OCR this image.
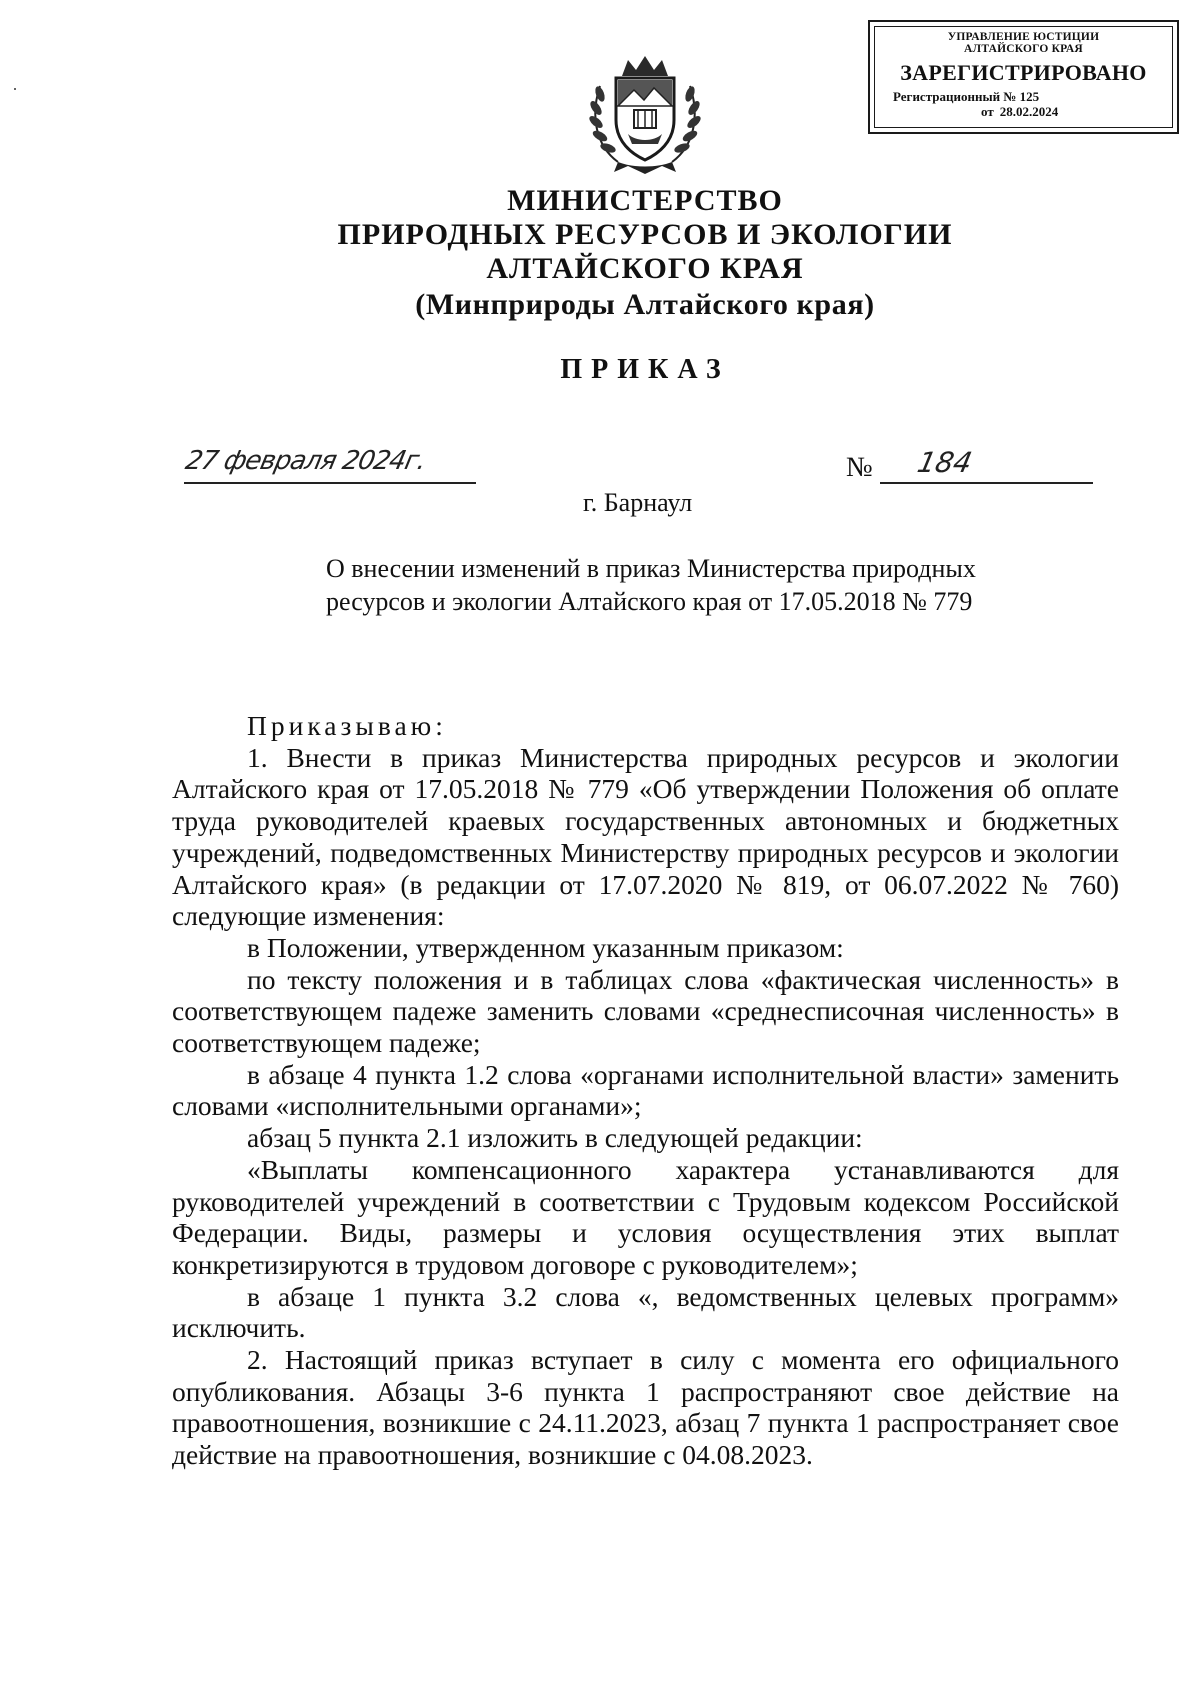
УПРАВЛЕНИЕ ЮСТИЦИИ
АЛТАЙСКОГО КРАЯ
ЗАРЕГИСТРИРОВАНО
Регистрационный № 125
от 28.02.2024
МИНИСТЕРСТВО
ПРИРОДНЫХ РЕСУРСОВ И ЭКОЛОГИИ
АЛТАЙСКОГО КРАЯ
(Минприроды Алтайского края)
ПРИКАЗ
27 февраля 2024г.	№ 184
г. Барнаул
О внесении изменений в приказ Министерства природных
ресурсов и экологии Алтайского края от 17.05.2018 № 779

Приказываю:

1. Внести в приказ Министерства природных ресурсов и экологии Алтайского края от 17.05.2018 № 779 «Об утверждении Положения об оплате труда руководителей краевых государственных автономных и бюджетных учреждений, подведомственных Министерству природных ресурсов и экологии Алтайского края» (в редакции от 17.07.2020 № 819, от 06.07.2022 № 760) следующие изменения:

в Положении, утвержденном указанным приказом:

по тексту положения и в таблицах слова «фактическая численность» в соответствующем падеже заменить словами «среднесписочная численность» в соответствующем падеже;

в абзаце 4 пункта 1.2 слова «органами исполнительной власти» заменить словами «исполнительными органами»;

абзац 5 пункта 2.1 изложить в следующей редакции:

«Выплаты компенсационного характера устанавливаются для руководителей учреждений в соответствии с Трудовым кодексом Российской Федерации. Виды, размеры и условия осуществления этих выплат конкретизируются в трудовом договоре с руководителем»;

в абзаце 1 пункта 3.2 слова «, ведомственных целевых программ» исключить.

2. Настоящий приказ вступает в силу с момента его официального опубликования. Абзацы 3-6 пункта 1 распространяют свое действие на правоотношения, возникшие с 24.11.2023, абзац 7 пункта 1 распространяет свое действие на правоотношения, возникшие с 04.08.2023.
